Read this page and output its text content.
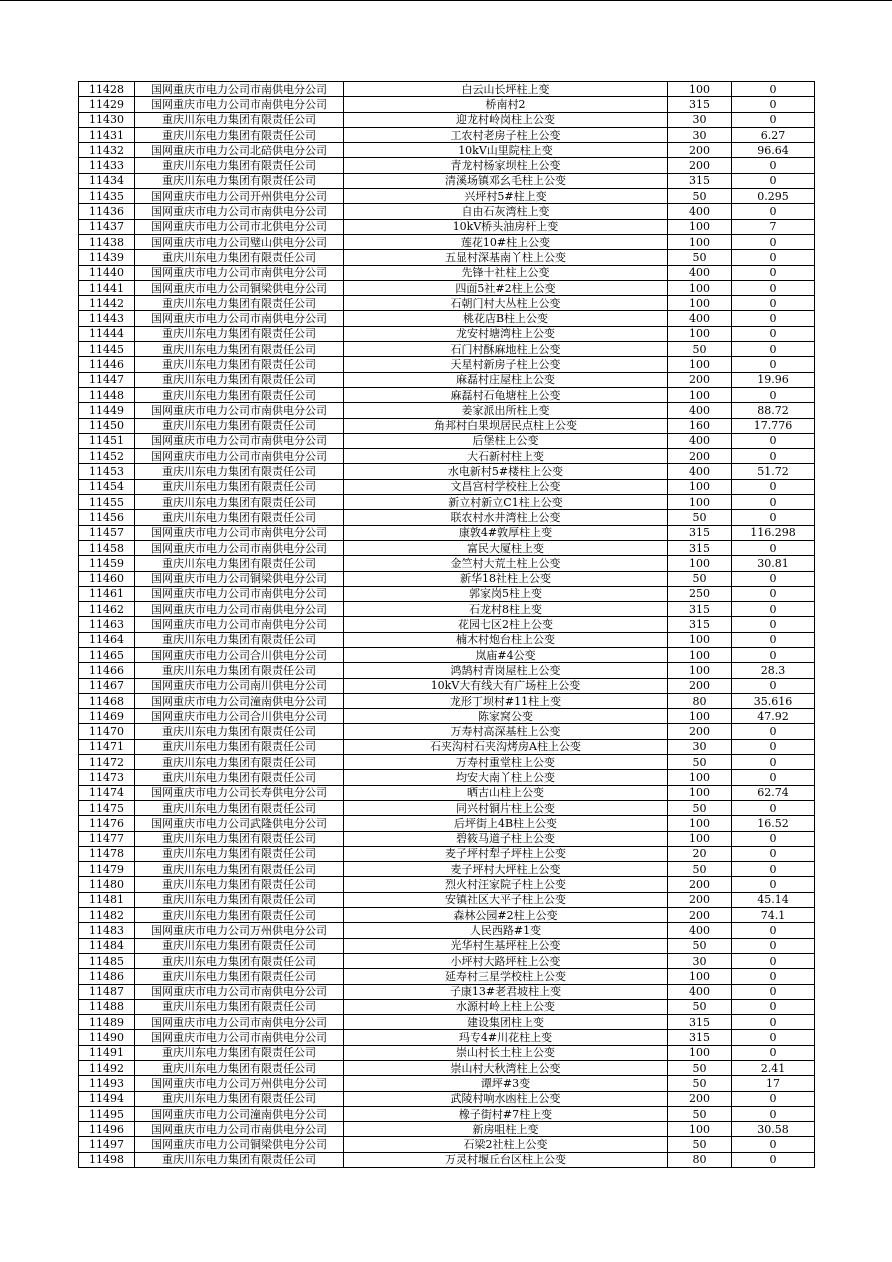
11428	国网重庆市电力公司市南供电分公司	白云山长坪柱上变	100	0
11429	国网重庆市电力公司市南供电分公司	桥南村2	315	0
11430	重庆川东电力集团有限责任公司	迎龙村岭岗柱上公变	30	0
11431	重庆川东电力集团有限责任公司	工农村老房子柱上公变	30	6.27
11432	国网重庆市电力公司北碚供电分公司	10kV山里院柱上变	200	96.64
11433	重庆川东电力集团有限责任公司	青龙村杨家坝柱上公变	200	0
11434	重庆川东电力集团有限责任公司	清溪场镇邓幺毛柱上公变	315	0
11435	国网重庆市电力公司开州供电分公司	兴坪村5#柱上变	50	0.295
11436	国网重庆市电力公司市南供电分公司	自由石灰湾柱上变	400	0
11437	国网重庆市电力公司市北供电分公司	10kV桥头油房杆上变	100	7
11438	国网重庆市电力公司璧山供电分公司	莲花10#柱上公变	100	0
11439	重庆川东电力集团有限责任公司	五显村深基南丫柱上公变	50	0
11440	国网重庆市电力公司市南供电分公司	先锋十社柱上公变	400	0
11441	国网重庆市电力公司铜梁供电分公司	四面5社#2柱上公变	100	0
11442	重庆川东电力集团有限责任公司	石朝门村大丛柱上公变	100	0
11443	国网重庆市电力公司市南供电分公司	桃花店B柱上公变	400	0
11444	重庆川东电力集团有限责任公司	龙安村塘湾柱上公变	100	0
11445	重庆川东电力集团有限责任公司	石门村酥麻地柱上公变	50	0
11446	重庆川东电力集团有限责任公司	天星村新房子柱上公变	100	0
11447	重庆川东电力集团有限责任公司	麻磊村庄屋柱上公变	200	19.96
11448	重庆川东电力集团有限责任公司	麻磊村石龟塘柱上公变	100	0
11449	国网重庆市电力公司市南供电分公司	姜家派出所柱上变	400	88.72
11450	重庆川东电力集团有限责任公司	角邦村白果坝居民点柱上公变	160	17.776
11451	国网重庆市电力公司市南供电分公司	后堡柱上公变	400	0
11452	国网重庆市电力公司市南供电分公司	大石新村柱上变	200	0
11453	重庆川东电力集团有限责任公司	水电新村5#楼柱上公变	400	51.72
11454	重庆川东电力集团有限责任公司	文昌宫村学校柱上公变	100	0
11455	重庆川东电力集团有限责任公司	新立村新立C1柱上公变	100	0
11456	重庆川东电力集团有限责任公司	联农村水井湾柱上公变	50	0
11457	国网重庆市电力公司市南供电分公司	康敦4#敦厚柱上变	315	116.298
11458	国网重庆市电力公司市南供电分公司	富民大厦柱上变	315	0
11459	重庆川东电力集团有限责任公司	金竺村大荒土柱上公变	100	30.81
11460	国网重庆市电力公司铜梁供电分公司	新华18社柱上公变	50	0
11461	国网重庆市电力公司市南供电分公司	郭家岗5柱上变	250	0
11462	国网重庆市电力公司市南供电分公司	石龙村8柱上变	315	0
11463	国网重庆市电力公司市南供电分公司	花园七区2柱上公变	315	0
11464	重庆川东电力集团有限责任公司	楠木村炮台柱上公变	100	0
11465	国网重庆市电力公司合川供电分公司	岚庙#4公变	100	0
11466	重庆川东电力集团有限责任公司	鸿鹄村青岗屋柱上公变	100	28.3
11467	国网重庆市电力公司南川供电分公司	10kV大有线大有广场柱上公变	200	0
11468	国网重庆市电力公司潼南供电分公司	龙形丁坝村#11柱上变	80	35.616
11469	国网重庆市电力公司合川供电分公司	陈家窝公变	100	47.92
11470	重庆川东电力集团有限责任公司	万寿村高深基柱上公变	200	0
11471	重庆川东电力集团有限责任公司	石夹沟村石夹沟烤房A柱上公变	30	0
11472	重庆川东电力集团有限责任公司	万寿村重堂柱上公变	50	0
11473	重庆川东电力集团有限责任公司	均安大南丫柱上公变	100	0
11474	国网重庆市电力公司长寿供电分公司	晒古山柱上公变	100	62.74
11475	重庆川东电力集团有限责任公司	同兴村铜片柱上公变	50	0
11476	国网重庆市电力公司武隆供电分公司	后坪街上4B柱上公变	100	16.52
11477	重庆川东电力集团有限责任公司	碧筱马道子柱上公变	100	0
11478	重庆川东电力集团有限责任公司	麦子坪村犁子坪柱上公变	20	0
11479	重庆川东电力集团有限责任公司	麦子坪村大坪柱上公变	50	0
11480	重庆川东电力集团有限责任公司	烈火村汪家院子柱上公变	200	0
11481	重庆川东电力集团有限责任公司	安镇社区大平子柱上公变	200	45.14
11482	重庆川东电力集团有限责任公司	森林公园#2柱上公变	200	74.1
11483	国网重庆市电力公司万州供电分公司	人民西路#1变	400	0
11484	重庆川东电力集团有限责任公司	光华村生基坪柱上公变	50	0
11485	重庆川东电力集团有限责任公司	小坪村大路坪柱上公变	30	0
11486	重庆川东电力集团有限责任公司	延寿村三星学校柱上公变	100	0
11487	国网重庆市电力公司市南供电分公司	子康13#老君坡柱上变	400	0
11488	重庆川东电力集团有限责任公司	水源村岭上柱上公变	50	0
11489	国网重庆市电力公司市南供电分公司	建设集团柱上变	315	0
11490	国网重庆市电力公司市南供电分公司	玛专4#川花柱上变	315	0
11491	重庆川东电力集团有限责任公司	崇山村长土柱上公变	100	0
11492	重庆川东电力集团有限责任公司	崇山村大秋湾柱上公变	50	2.41
11493	国网重庆市电力公司万州供电分公司	谭坪#3变	50	17
11494	重庆川东电力集团有限责任公司	武陵村响水凼柱上公变	200	0
11495	国网重庆市电力公司潼南供电分公司	橡子街村#7柱上变	50	0
11496	国网重庆市电力公司市南供电分公司	新房咀柱上变	100	30.58
11497	国网重庆市电力公司铜梁供电分公司	石梁2社柱上公变	50	0
11498	重庆川东电力集团有限责任公司	万灵村堰丘台区柱上公变	80	0
